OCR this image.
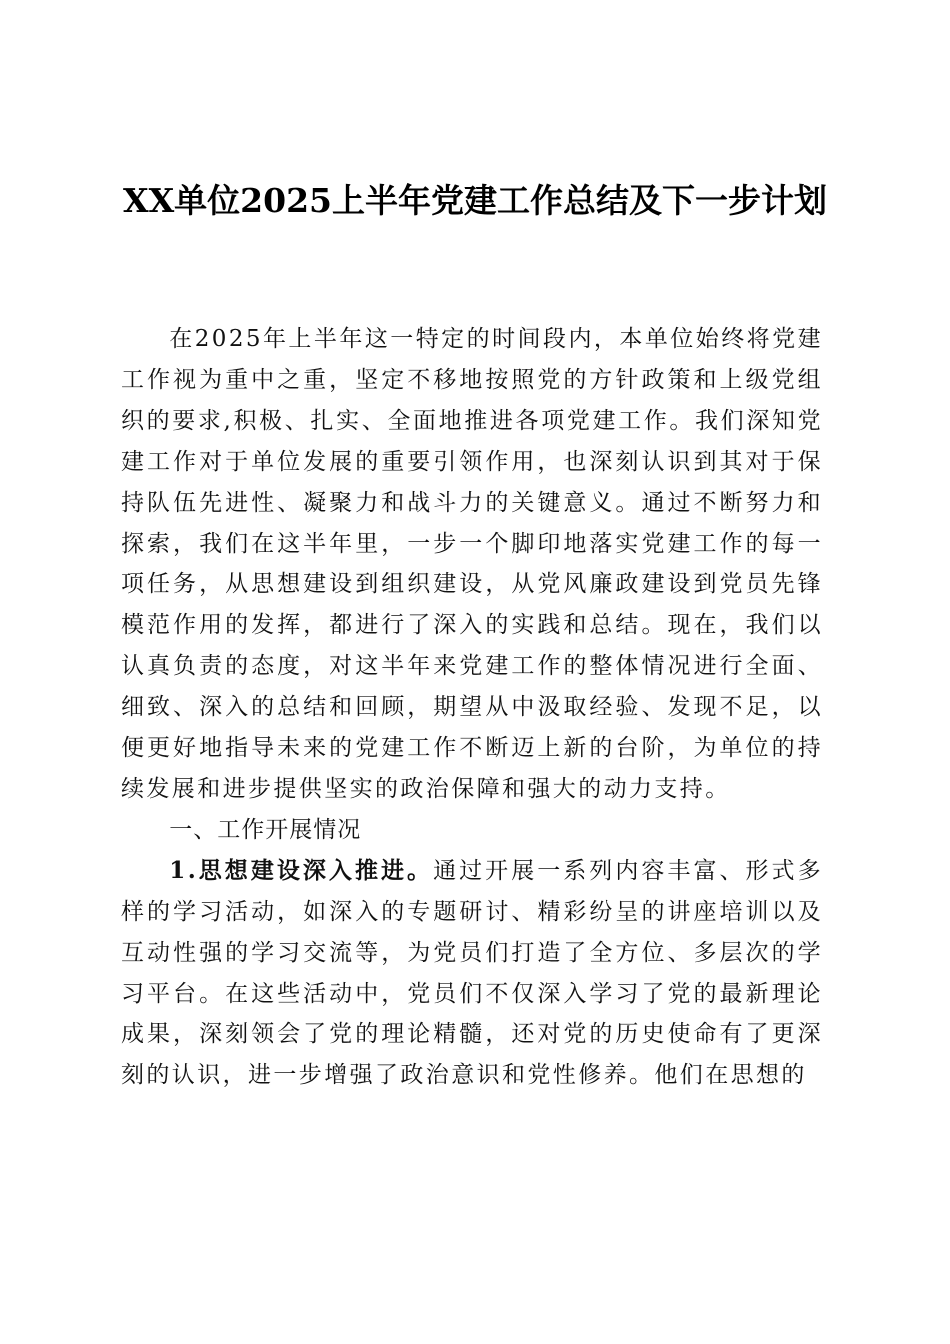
XX单位2025上半年党建工作总结及下一步计划

在2025年上半年这一特定的时间段内，本单位始终将党建工作视为重中之重，坚定不移地按照党的方针政策和上级党组织的要求,积极、扎实、全面地推进各项党建工作。我们深知党建工作对于单位发展的重要引领作用，也深刻认识到其对于保持队伍先进性、凝聚力和战斗力的关键意义。通过不断努力和探索，我们在这半年里，一步一个脚印地落实党建工作的每一项任务，从思想建设到组织建设，从党风廉政建设到党员先锋模范作用的发挥，都进行了深入的实践和总结。现在，我们以认真负责的态度，对这半年来党建工作的整体情况进行全面、细致、深入的总结和回顾，期望从中汲取经验、发现不足，以便更好地指导未来的党建工作不断迈上新的台阶，为单位的持续发展和进步提供坚实的政治保障和强大的动力支持。

一、工作开展情况

1.思想建设深入推进。通过开展一系列内容丰富、形式多样的学习活动，如深入的专题研讨、精彩纷呈的讲座培训以及互动性强的学习交流等，为党员们打造了全方位、多层次的学习平台。在这些活动中，党员们不仅深入学习了党的最新理论成果，深刻领会了党的理论精髓，还对党的历史使命有了更深刻的认识，进一步增强了政治意识和党性修养。他们在思想的
